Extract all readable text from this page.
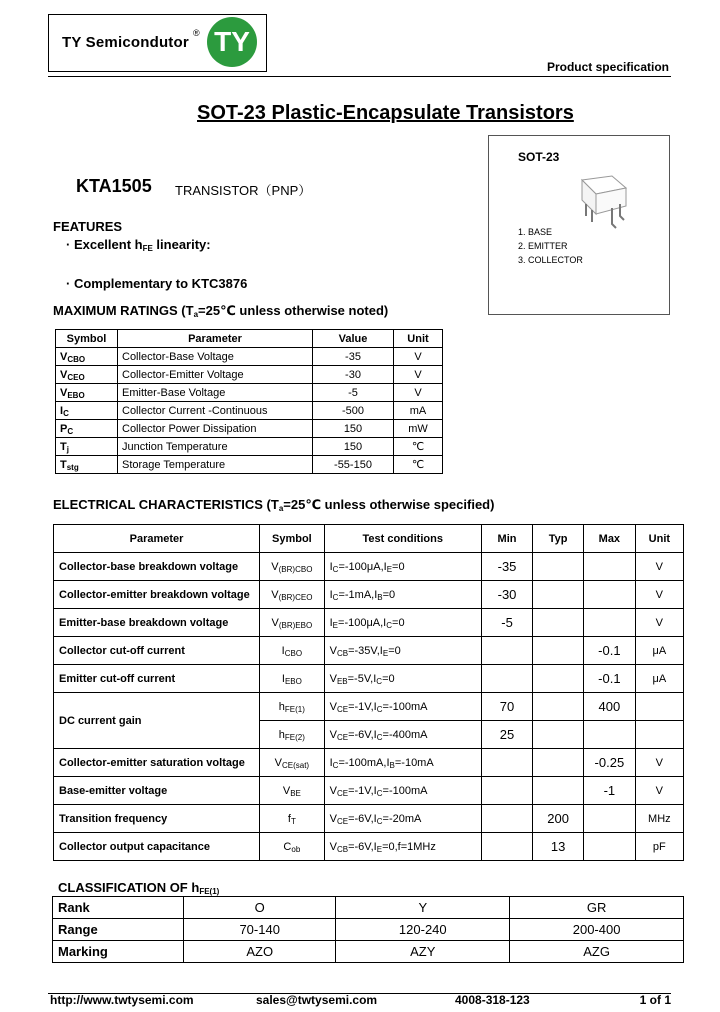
TY Semicondutor
® TY
Product specification
SOT-23 Plastic-Encapsulate Transistors
SOT-23
1. BASE
2. EMITTER
3. COLLECTOR
KTA1505 TRANSISTOR（PNP）
FEATURES
· Excellent $h_{FE}$ linearity:
· Complementary to KTC3876
MAXIMUM RATINGS ($T_a=25℃$ unless otherwise noted)
Symbol	Parameter	Value	Unit
$V_{CBO}$	Collector-Base Voltage	-35	V
$V_{CEO}$	Collector-Emitter Voltage	-30	V
$V_{EBO}$	Emitter-Base Voltage	-5	V
$I_C$	Collector Current -Continuous	-500	mA
$P_C$	Collector Power Dissipation	150	mW
$T_j$	Junction Temperature	150	℃
$T_{stg}$	Storage Temperature	-55-150	℃
ELECTRICAL CHARACTERISTICS ($T_a=25℃$ unless otherwise specified)
Parameter	Symbol	Test conditions	Min	Typ	Max	Unit
Collector-base breakdown voltage	$V_{(BR)CBO}$	$I_C=-100\mu A,I_E=0$	-35			V
Collector-emitter breakdown voltage	$V_{(BR)CEO}$	$I_C=-1mA,I_B=0$	-30			V
Emitter-base breakdown voltage	$V_{(BR)EBO}$	$I_E=-100\mu A,I_C=0$	-5			V
Collector cut-off current	$I_{CBO}$	$V_{CB}=-35V,I_E=0$			-0.1	μA
Emitter cut-off current	$I_{EBO}$	$V_{EB}=-5V,I_C=0$			-0.1	μA
DC current gain	$h_{FE(1)}$	$V_{CE}=-1V,I_C=-100mA$	70		400	
	$h_{FE(2)}$	$V_{CE}=-6V,I_C=-400mA$	25			
Collector-emitter saturation voltage	$V_{CE(sat)}$	$I_C=-100mA,I_B=-10mA$			-0.25	V
Base-emitter voltage	$V_{BE}$	$V_{CE}=-1V,I_C=-100mA$			-1	V
Transition frequency	$f_T$	$V_{CE}=-6V,I_C=-20mA$		200		MHz
Collector output capacitance	$C_{ob}$	$V_{CB}=-6V,I_E=0,f=1MHz$		13		pF
CLASSIFICATION OF $h_{FE(1)}$
Rank	O	Y	GR
Range	70-140	120-240	200-400
Marking	AZO	AZY	AZG
http://www.twtysemi.com	sales@twtysemi.com	4008-318-123	1 of 1
